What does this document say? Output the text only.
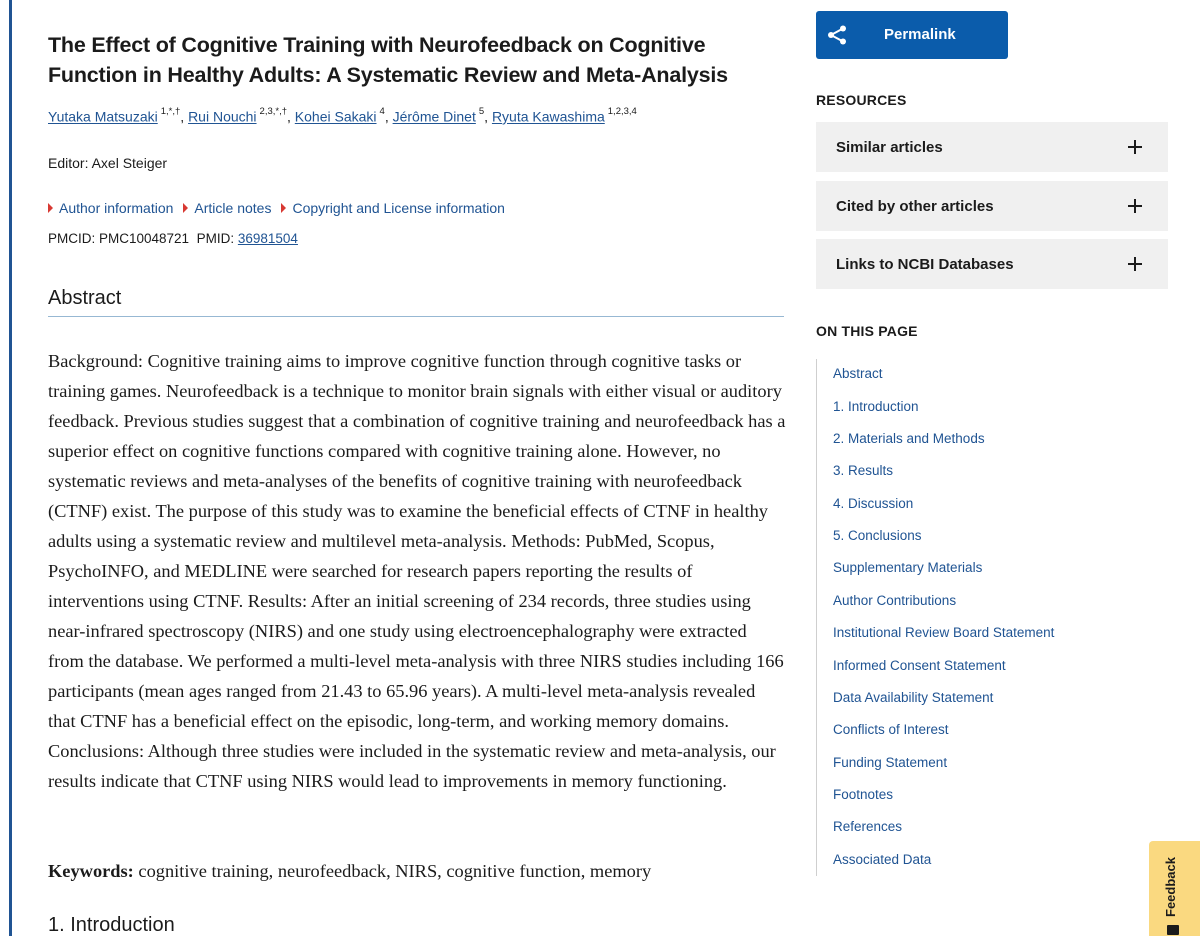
The Effect of Cognitive Training with Neurofeedback on Cognitive Function in Healthy Adults: A Systematic Review and Meta-Analysis
Yutaka Matsuzaki $^{1,*,\dagger}$, Rui Nouchi $^{2,3,*,\dagger}$, Kohei Sakaki $^4$, Jérôme Dinet $^5$, Ryuta Kawashima $^{1,2,3,4}$
Editor: Axel Steiger
Author information Article notes Copyright and License information
PMCID: PMC10048721 PMID: 36981504
Abstract

Background: Cognitive training aims to improve cognitive function through cognitive tasks or training games. Neurofeedback is a technique to monitor brain signals with either visual or auditory feedback. Previous studies suggest that a combination of cognitive training and neurofeedback has a superior effect on cognitive functions compared with cognitive training alone. However, no systematic reviews and meta-analyses of the benefits of cognitive training with neurofeedback (CTNF) exist. The purpose of this study was to examine the beneficial effects of CTNF in healthy adults using a systematic review and multilevel meta-analysis. Methods: PubMed, Scopus, PsychoINFO, and MEDLINE were searched for research papers reporting the results of interventions using CTNF. Results: After an initial screening of 234 records, three studies using near-infrared spectroscopy (NIRS) and one study using electroencephalography were extracted from the database. We performed a multi-level meta-analysis with three NIRS studies including 166 participants (mean ages ranged from 21.43 to 65.96 years). A multi-level meta-analysis revealed that CTNF has a beneficial effect on the episodic, long-term, and working memory domains. Conclusions: Although three studies were included in the systematic review and meta-analysis, our results indicate that CTNF using NIRS would lead to improvements in memory functioning.

Keywords: cognitive training, neurofeedback, NIRS, cognitive function, memory

1. Introduction
Permalink
RESOURCES
Similar articles
Cited by other articles
Links to NCBI Databases
ON THIS PAGE
Abstract
1. Introduction
2. Materials and Methods
3. Results
4. Discussion
5. Conclusions
Supplementary Materials
Author Contributions
Institutional Review Board Statement
Informed Consent Statement
Data Availability Statement
Conflicts of Interest
Funding Statement
Footnotes
References
Associated Data	Feedback
